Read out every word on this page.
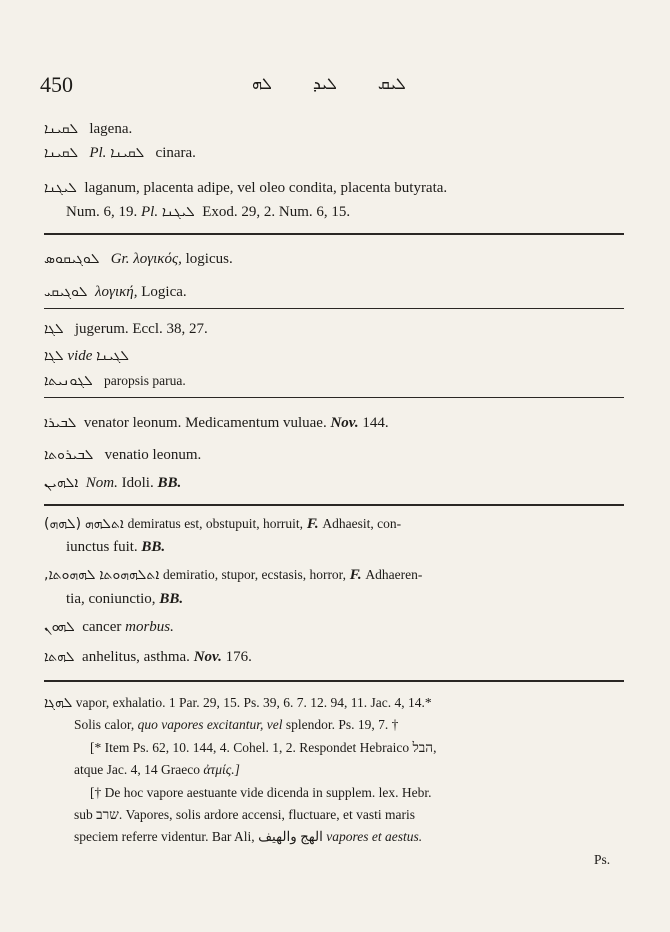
450	ܠܝܩ ܠܝܕ ܠܗ
ܠܩܝܢܐ lagena.
ܠܩܝܢܐ Pl. ܠܩܝܢܐ cinara.
ܠܝܓܢܐ laganum, placenta adipe, vel oleo condita, placenta butyrata.
Num. 6, 19. Pl. ܠܝܓܢܐ Exod. 29, 2. Num. 6, 15.
ܠܘܓܝܩܘܣ Gr. λογικός, logicus.
ܠܘܓܝܩܝ λογική, Logica.
ܠܓܐ jugerum. Eccl. 38, 27.
ܠܓܐ vide ܠܓܝܢܐ
ܠܓܘܢܝܬܐ paropsis parua.
ܠܒܝܪܐ venator leonum. Medicamentum vuluae. Nov. 144.
ܠܒܝܪܘܬܐ venatio leonum.
ܐܠܗܝܢ Nom. Idoli. BB.
(ܠܗܗ) ܐܬܠܗܗ demiratus est, obstupuit, horruit, F. Adhaesit, con-
iunctus fuit. BB.
ܠܗܗܘܬܐ, ܐܬܠܗܗܘܬܐ demiratio, stupor, ecstasis, horror, F. Adhaeren-
tia, coniunctio, BB.
ܠܗܘܢ cancer morbus.
ܠܗܬܐ anhelitus, asthma. Nov. 176.
ܠܗܓܐ vapor, exhalatio. 1 Par. 29, 15. Ps. 39, 6. 7. 12. 94, 11. Jac. 4, 14.*
Solis calor, quo vapores excitantur, vel splendor. Ps. 19, 7. †
[* Item Ps. 62, 10. 144, 4. Cohel. 1, 2. Respondet Hebraico הבל,
atque Jac. 4, 14 Graeco ἀτμίς.]
[† De hoc vapore aestuante vide dicenda in supplem. lex. Hebr.
sub שרב. Vapores, solis ardore accensi, fluctuare, et vasti maris
speciem referre videntur. Bar Ali, الهج والهيف vapores et aestus.
Ps.
